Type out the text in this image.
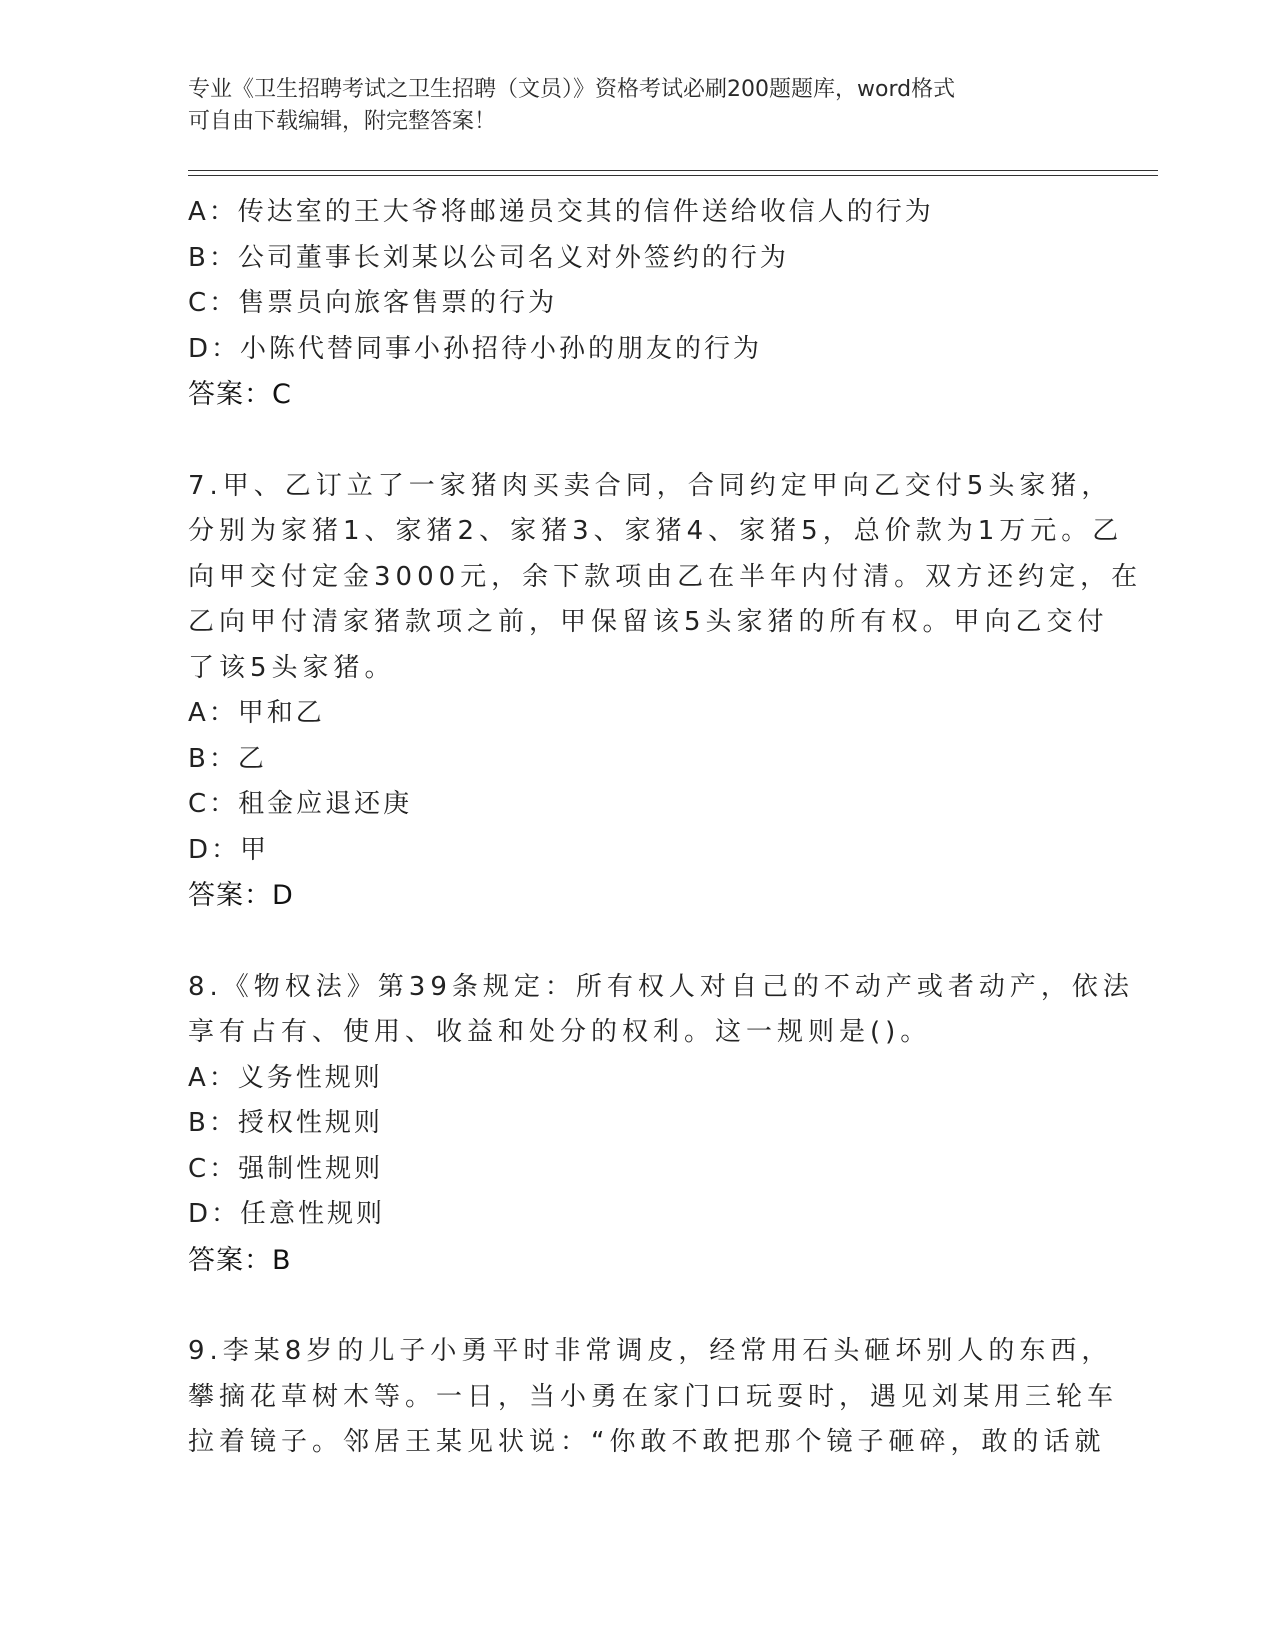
专业《卫生招聘考试之卫生招聘（文员）》资格考试必刷200题题库，word格式
可自由下载编辑，附完整答案！
A：传达室的王大爷将邮递员交其的信件送给收信人的行为
B：公司董事长刘某以公司名义对外签约的行为
C：售票员向旅客售票的行为
D：小陈代替同事小孙招待小孙的朋友的行为
答案：C
7.甲、乙订立了一家猪肉买卖合同，合同约定甲向乙交付5头家猪，
分别为家猪1、家猪2、家猪3、家猪4、家猪5，总价款为1万元。乙
向甲交付定金3000元，余下款项由乙在半年内付清。双方还约定，在
乙向甲付清家猪款项之前，甲保留该5头家猪的所有权。甲向乙交付
了该5头家猪。
A：甲和乙
B：乙
C：租金应退还庚
D：甲
答案：D
8.《物权法》第39条规定：所有权人对自己的不动产或者动产，依法
享有占有、使用、收益和处分的权利。这一规则是()。
A：义务性规则
B：授权性规则
C：强制性规则
D：任意性规则
答案：B
9.李某8岁的儿子小勇平时非常调皮，经常用石头砸坏别人的东西，
攀摘花草树木等。一日，当小勇在家门口玩耍时，遇见刘某用三轮车
拉着镜子。邻居王某见状说：“你敢不敢把那个镜子砸碎，敢的话就
